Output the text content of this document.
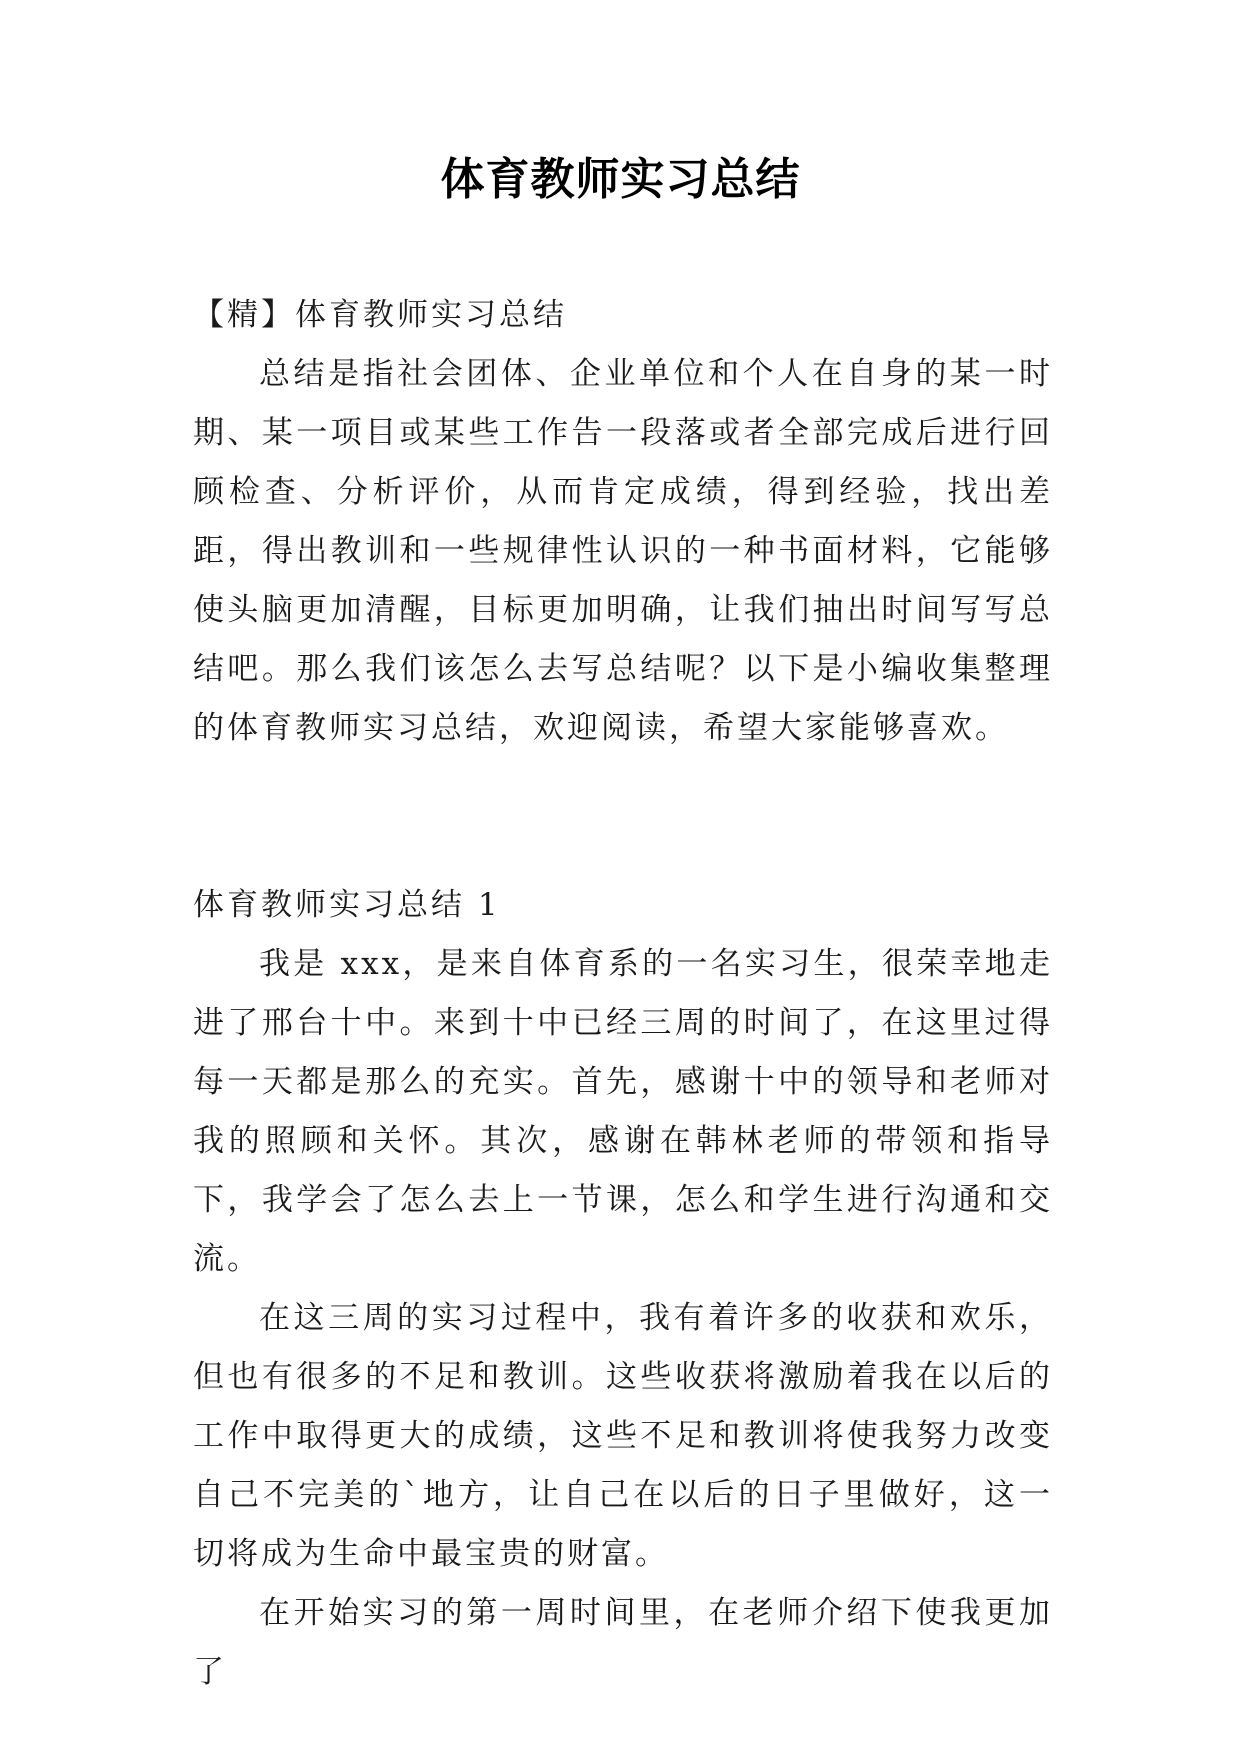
体育教师实习总结

【精】体育教师实习总结

总结是指社会团体、企业单位和个人在自身的某一时期、某一项目或某些工作告一段落或者全部完成后进行回顾检查、分析评价，从而肯定成绩，得到经验，找出差距，得出教训和一些规律性认识的一种书面材料，它能够使头脑更加清醒，目标更加明确，让我们抽出时间写写总结吧。那么我们该怎么去写总结呢？以下是小编收集整理的体育教师实习总结，欢迎阅读，希望大家能够喜欢。

体育教师实习总结 1

我是 xxx，是来自体育系的一名实习生，很荣幸地走进了邢台十中。来到十中已经三周的时间了，在这里过得每一天都是那么的充实。首先，感谢十中的领导和老师对我的照顾和关怀。其次，感谢在韩林老师的带领和指导下，我学会了怎么去上一节课，怎么和学生进行沟通和交流。

在这三周的实习过程中，我有着许多的收获和欢乐，但也有很多的不足和教训。这些收获将激励着我在以后的工作中取得更大的成绩，这些不足和教训将使我努力改变自己不完美的`地方，让自己在以后的日子里做好，这一切将成为生命中最宝贵的财富。

在开始实习的第一周时间里，在老师介绍下使我更加了
